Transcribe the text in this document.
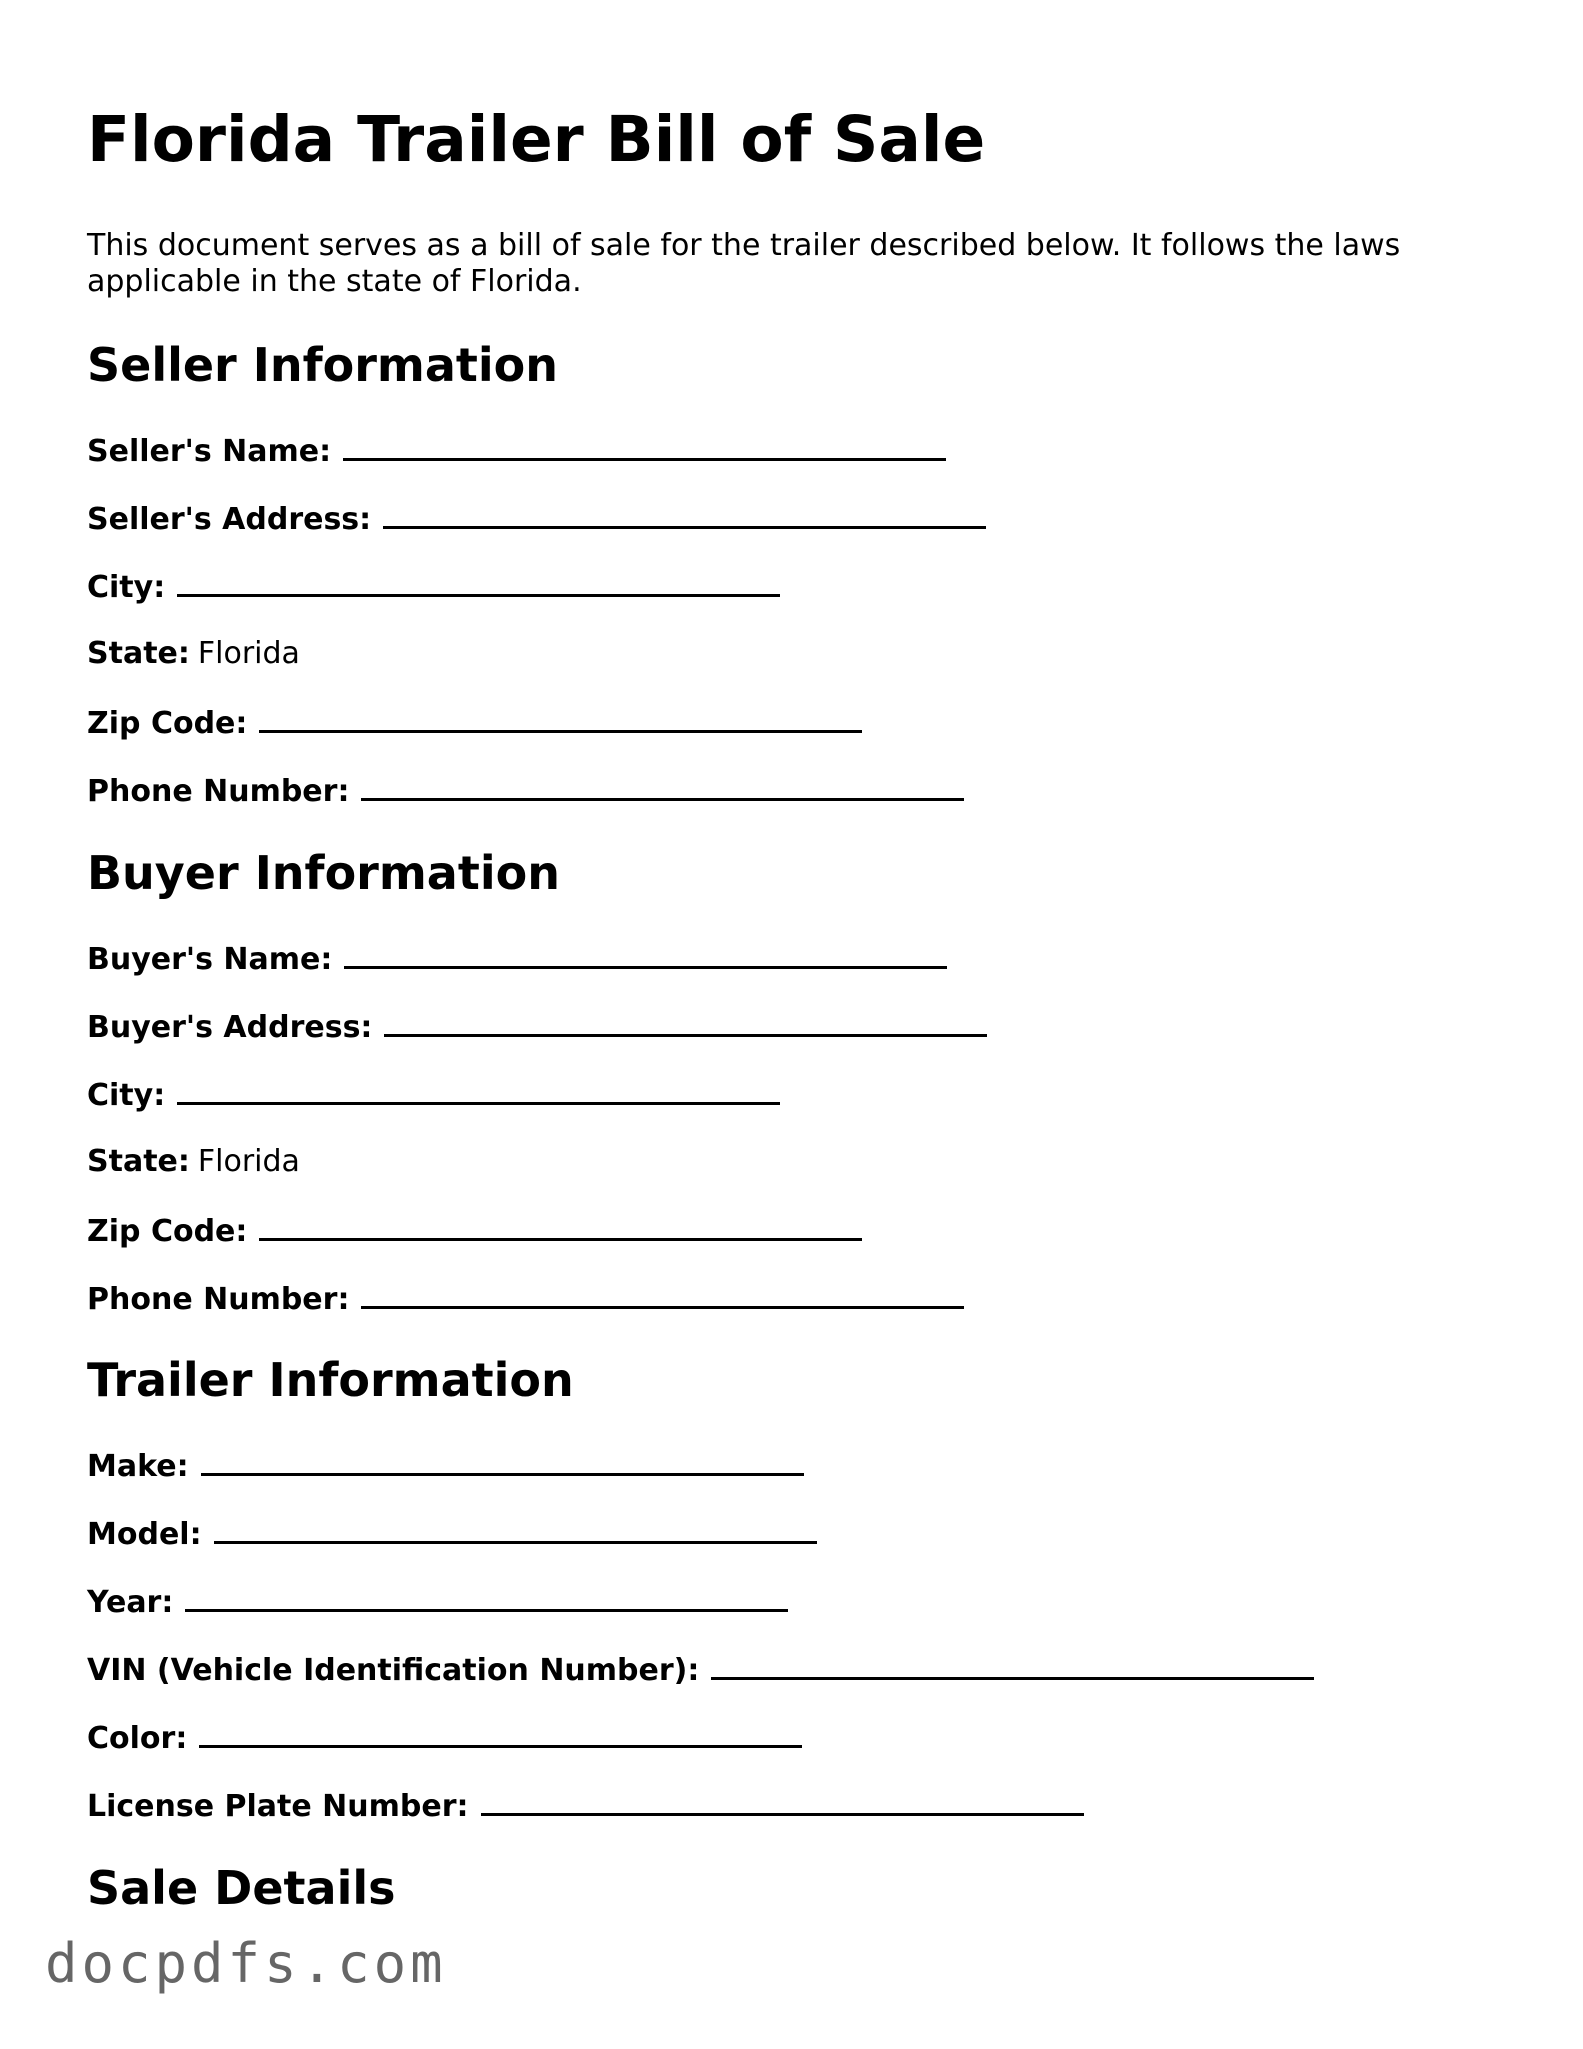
Florida Trailer Bill of Sale

This document serves as a bill of sale for the trailer described below. It follows the laws applicable in the state of Florida.

Seller Information
Seller's Name:
Seller's Address:
City:
State: Florida
Zip Code:
Phone Number:
Buyer Information
Buyer's Name:
Buyer's Address:
City:
State: Florida
Zip Code:
Phone Number:
Trailer Information
Make:
Model:
Year:
VIN (Vehicle Identification Number):
Color:
License Plate Number:
Sale Details
docpdfs.com
